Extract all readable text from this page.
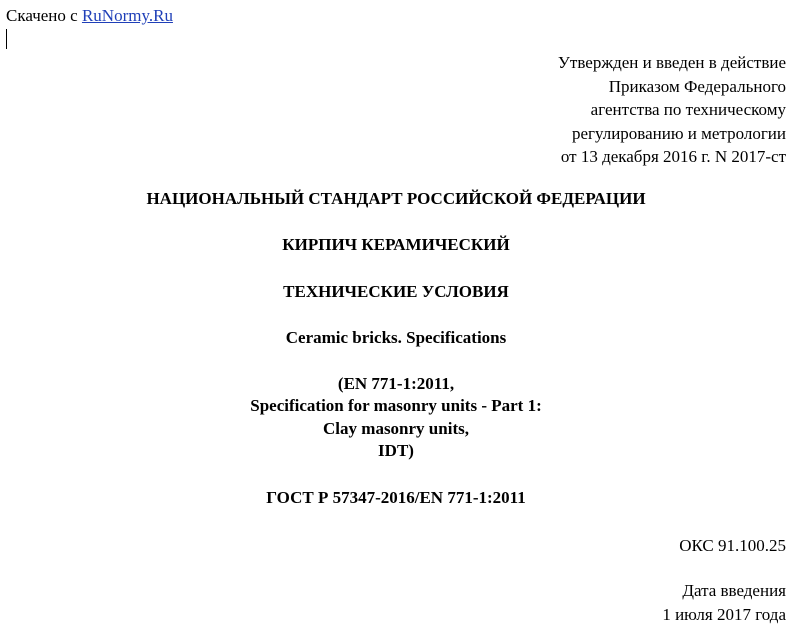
Скачено с RuNormy.Ru
Утвержден и введен в действие
Приказом Федерального
агентства по техническому
регулированию и метрологии
от 13 декабря 2016 г. N 2017-ст
НАЦИОНАЛЬНЫЙ СТАНДАРТ РОССИЙСКОЙ ФЕДЕРАЦИИ
КИРПИЧ КЕРАМИЧЕСКИЙ
ТЕХНИЧЕСКИЕ УСЛОВИЯ
Ceramic bricks. Specifications
(EN 771-1:2011,
Specification for masonry units - Part 1:
Clay masonry units,
IDT)
ГОСТ Р 57347-2016/EN 771-1:2011
ОКС 91.100.25
Дата введения
1 июля 2017 года
